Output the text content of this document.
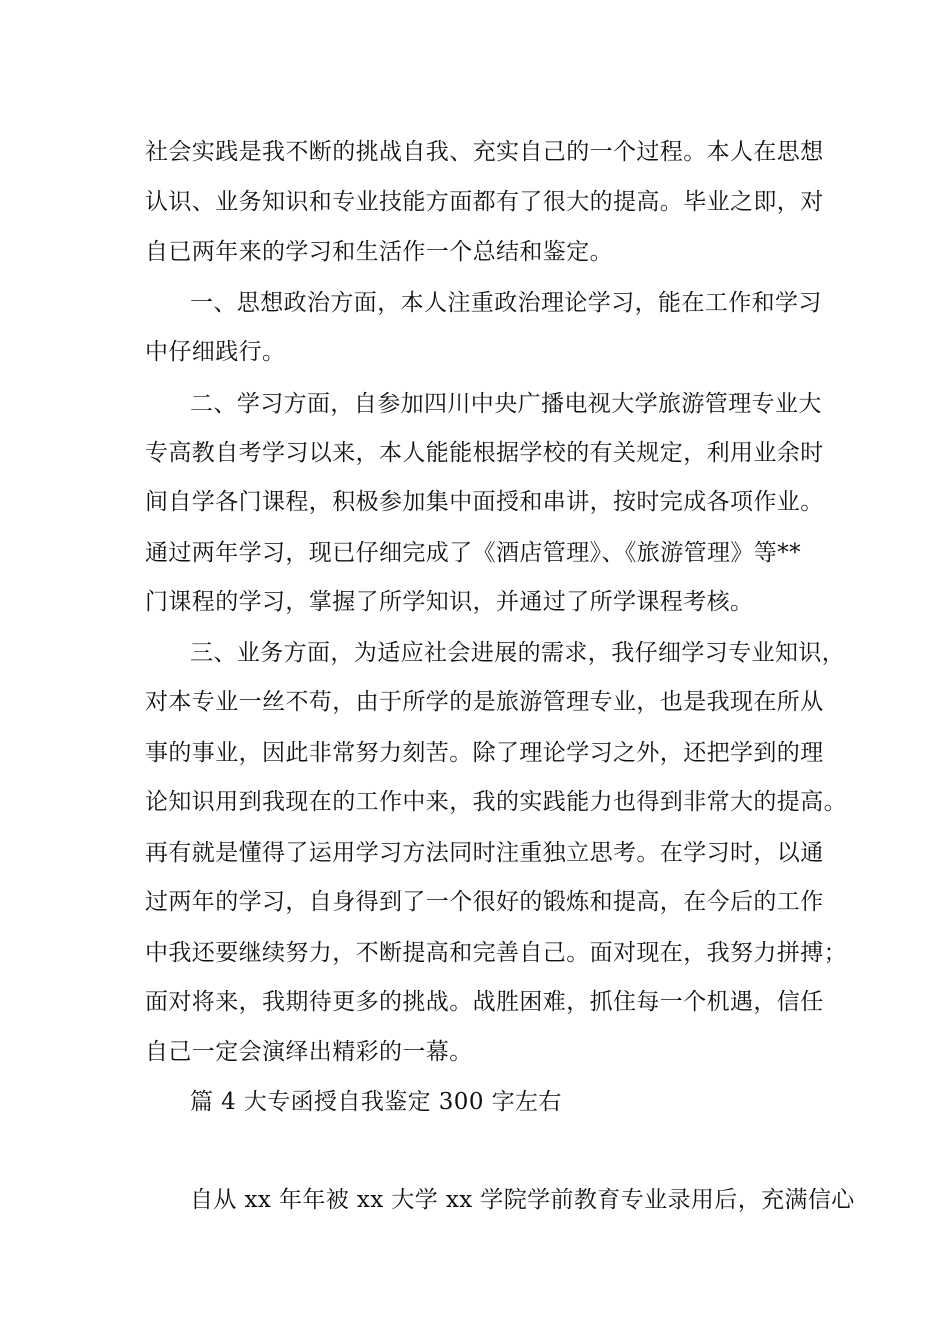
社会实践是我不断的挑战自我、充实自己的一个过程。本人在思想
认识、业务知识和专业技能方面都有了很大的提高。毕业之即，对
自已两年来的学习和生活作一个总结和鉴定。
一、思想政治方面，本人注重政治理论学习，能在工作和学习
中仔细践行。
二、学习方面，自参加四川中央广播电视大学旅游管理专业大
专高教自考学习以来，本人能能根据学校的有关规定，利用业余时
间自学各门课程，积极参加集中面授和串讲，按时完成各项作业。
通过两年学习，现已仔细完成了《酒店管理》、《旅游管理》等**
门课程的学习，掌握了所学知识，并通过了所学课程考核。
三、业务方面，为适应社会进展的需求，我仔细学习专业知识，
对本专业一丝不苟，由于所学的是旅游管理专业，也是我现在所从
事的事业，因此非常努力刻苦。除了理论学习之外，还把学到的理
论知识用到我现在的工作中来，我的实践能力也得到非常大的提高。
再有就是懂得了运用学习方法同时注重独立思考。在学习时，以通
过两年的学习，自身得到了一个很好的锻炼和提高，在今后的工作
中我还要继续努力，不断提高和完善自己。面对现在，我努力拼搏；
面对将来，我期待更多的挑战。战胜困难，抓住每一个机遇，信任
自己一定会演绎出精彩的一幕。
篇 4 大专函授自我鉴定 300 字左右
自从 xx 年年被 xx 大学 xx 学院学前教育专业录用后，充满信心
